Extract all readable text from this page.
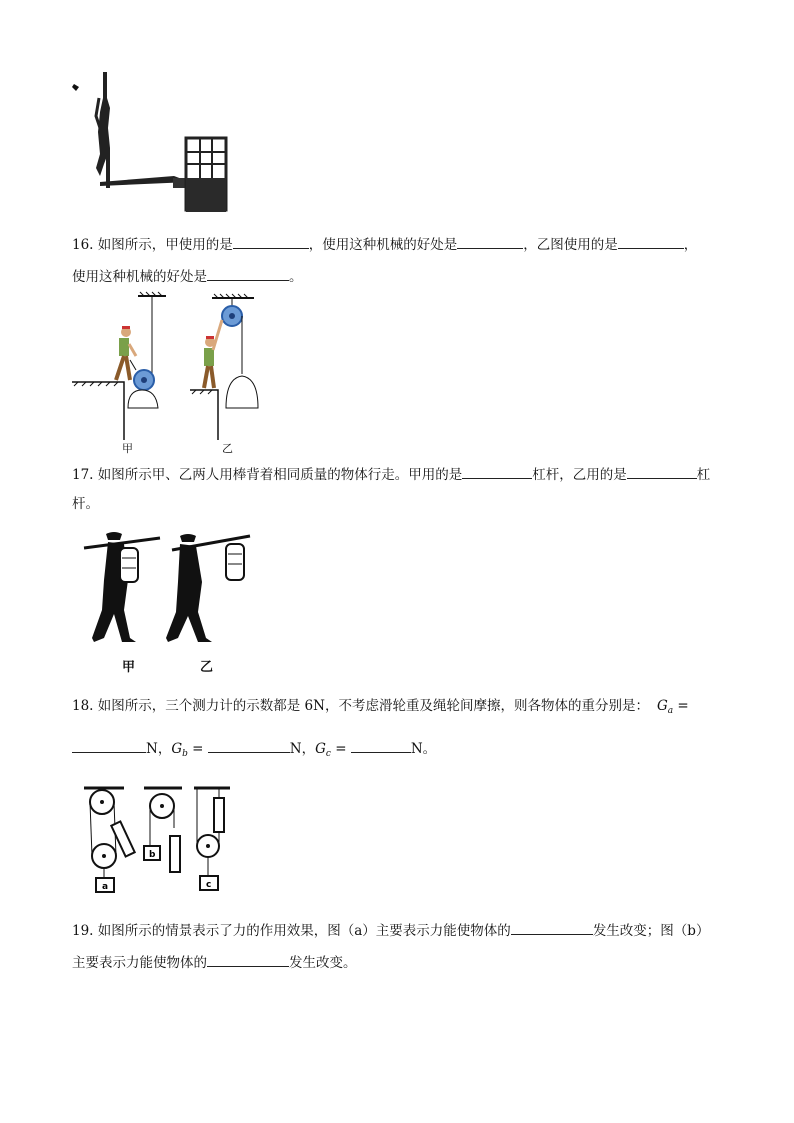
16. 如图所示，甲使用的是	，使用这种机械的好处是	，乙图使用的是	，
使用这种机械的好处是	。
甲	乙
17. 如图所示甲、乙两人用棒背着相同质量的物体行走。甲用的是	杠杆，乙用的是	杠
杆。
甲	乙
18. 如图所示，三个测力计的示数都是 6N，不考虑滑轮重及绳轮间摩擦，则各物体的重分别是： $G_a$ =
N，$G_b$ =	N，$G_c$ =	N。
a
b
c
19. 如图所示的情景表示了力的作用效果，图（a）主要表示力能使物体的	发生改变；图（b）
主要表示力能使物体的	发生改变。
